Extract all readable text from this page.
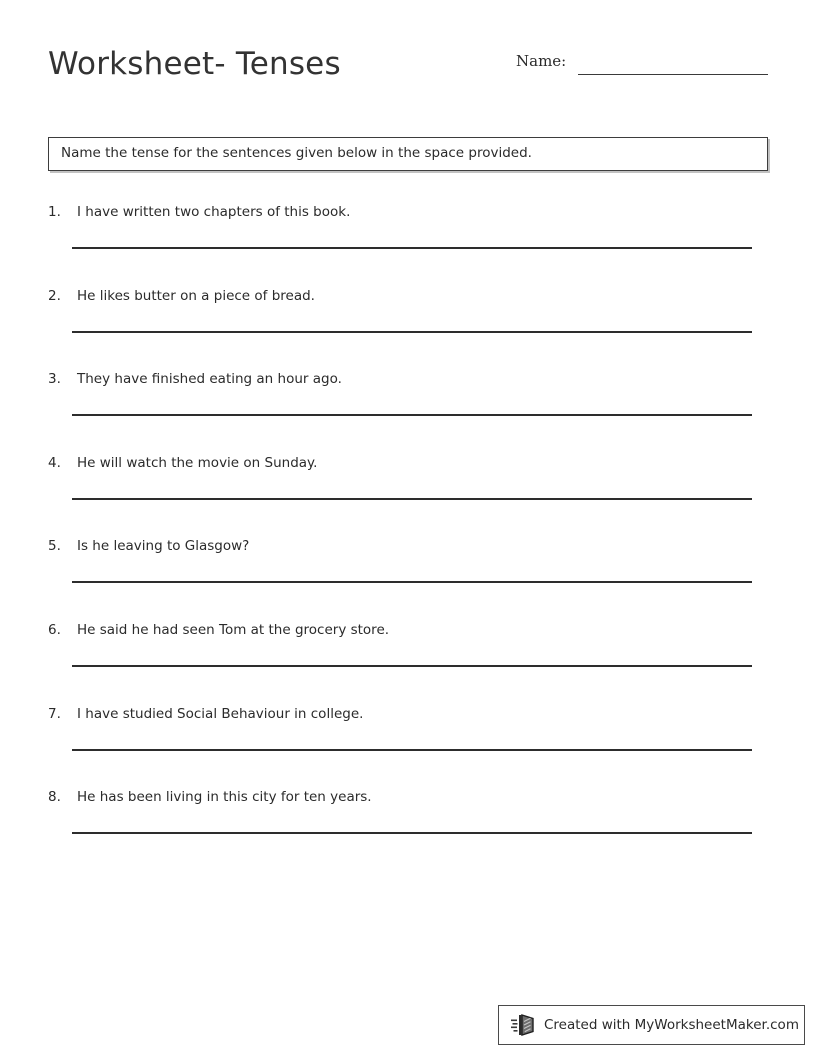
Worksheet- Tenses	Name:
Name the tense for the sentences given below in the space provided.
1.	I have written two chapters of this book.
2.	He likes butter on a piece of bread.
3.	They have finished eating an hour ago.
4.	He will watch the movie on Sunday.
5.	Is he leaving to Glasgow?
6.	He said he had seen Tom at the grocery store.
7.	I have studied Social Behaviour in college.
8.	He has been living in this city for ten years.
Created with MyWorksheetMaker.com
